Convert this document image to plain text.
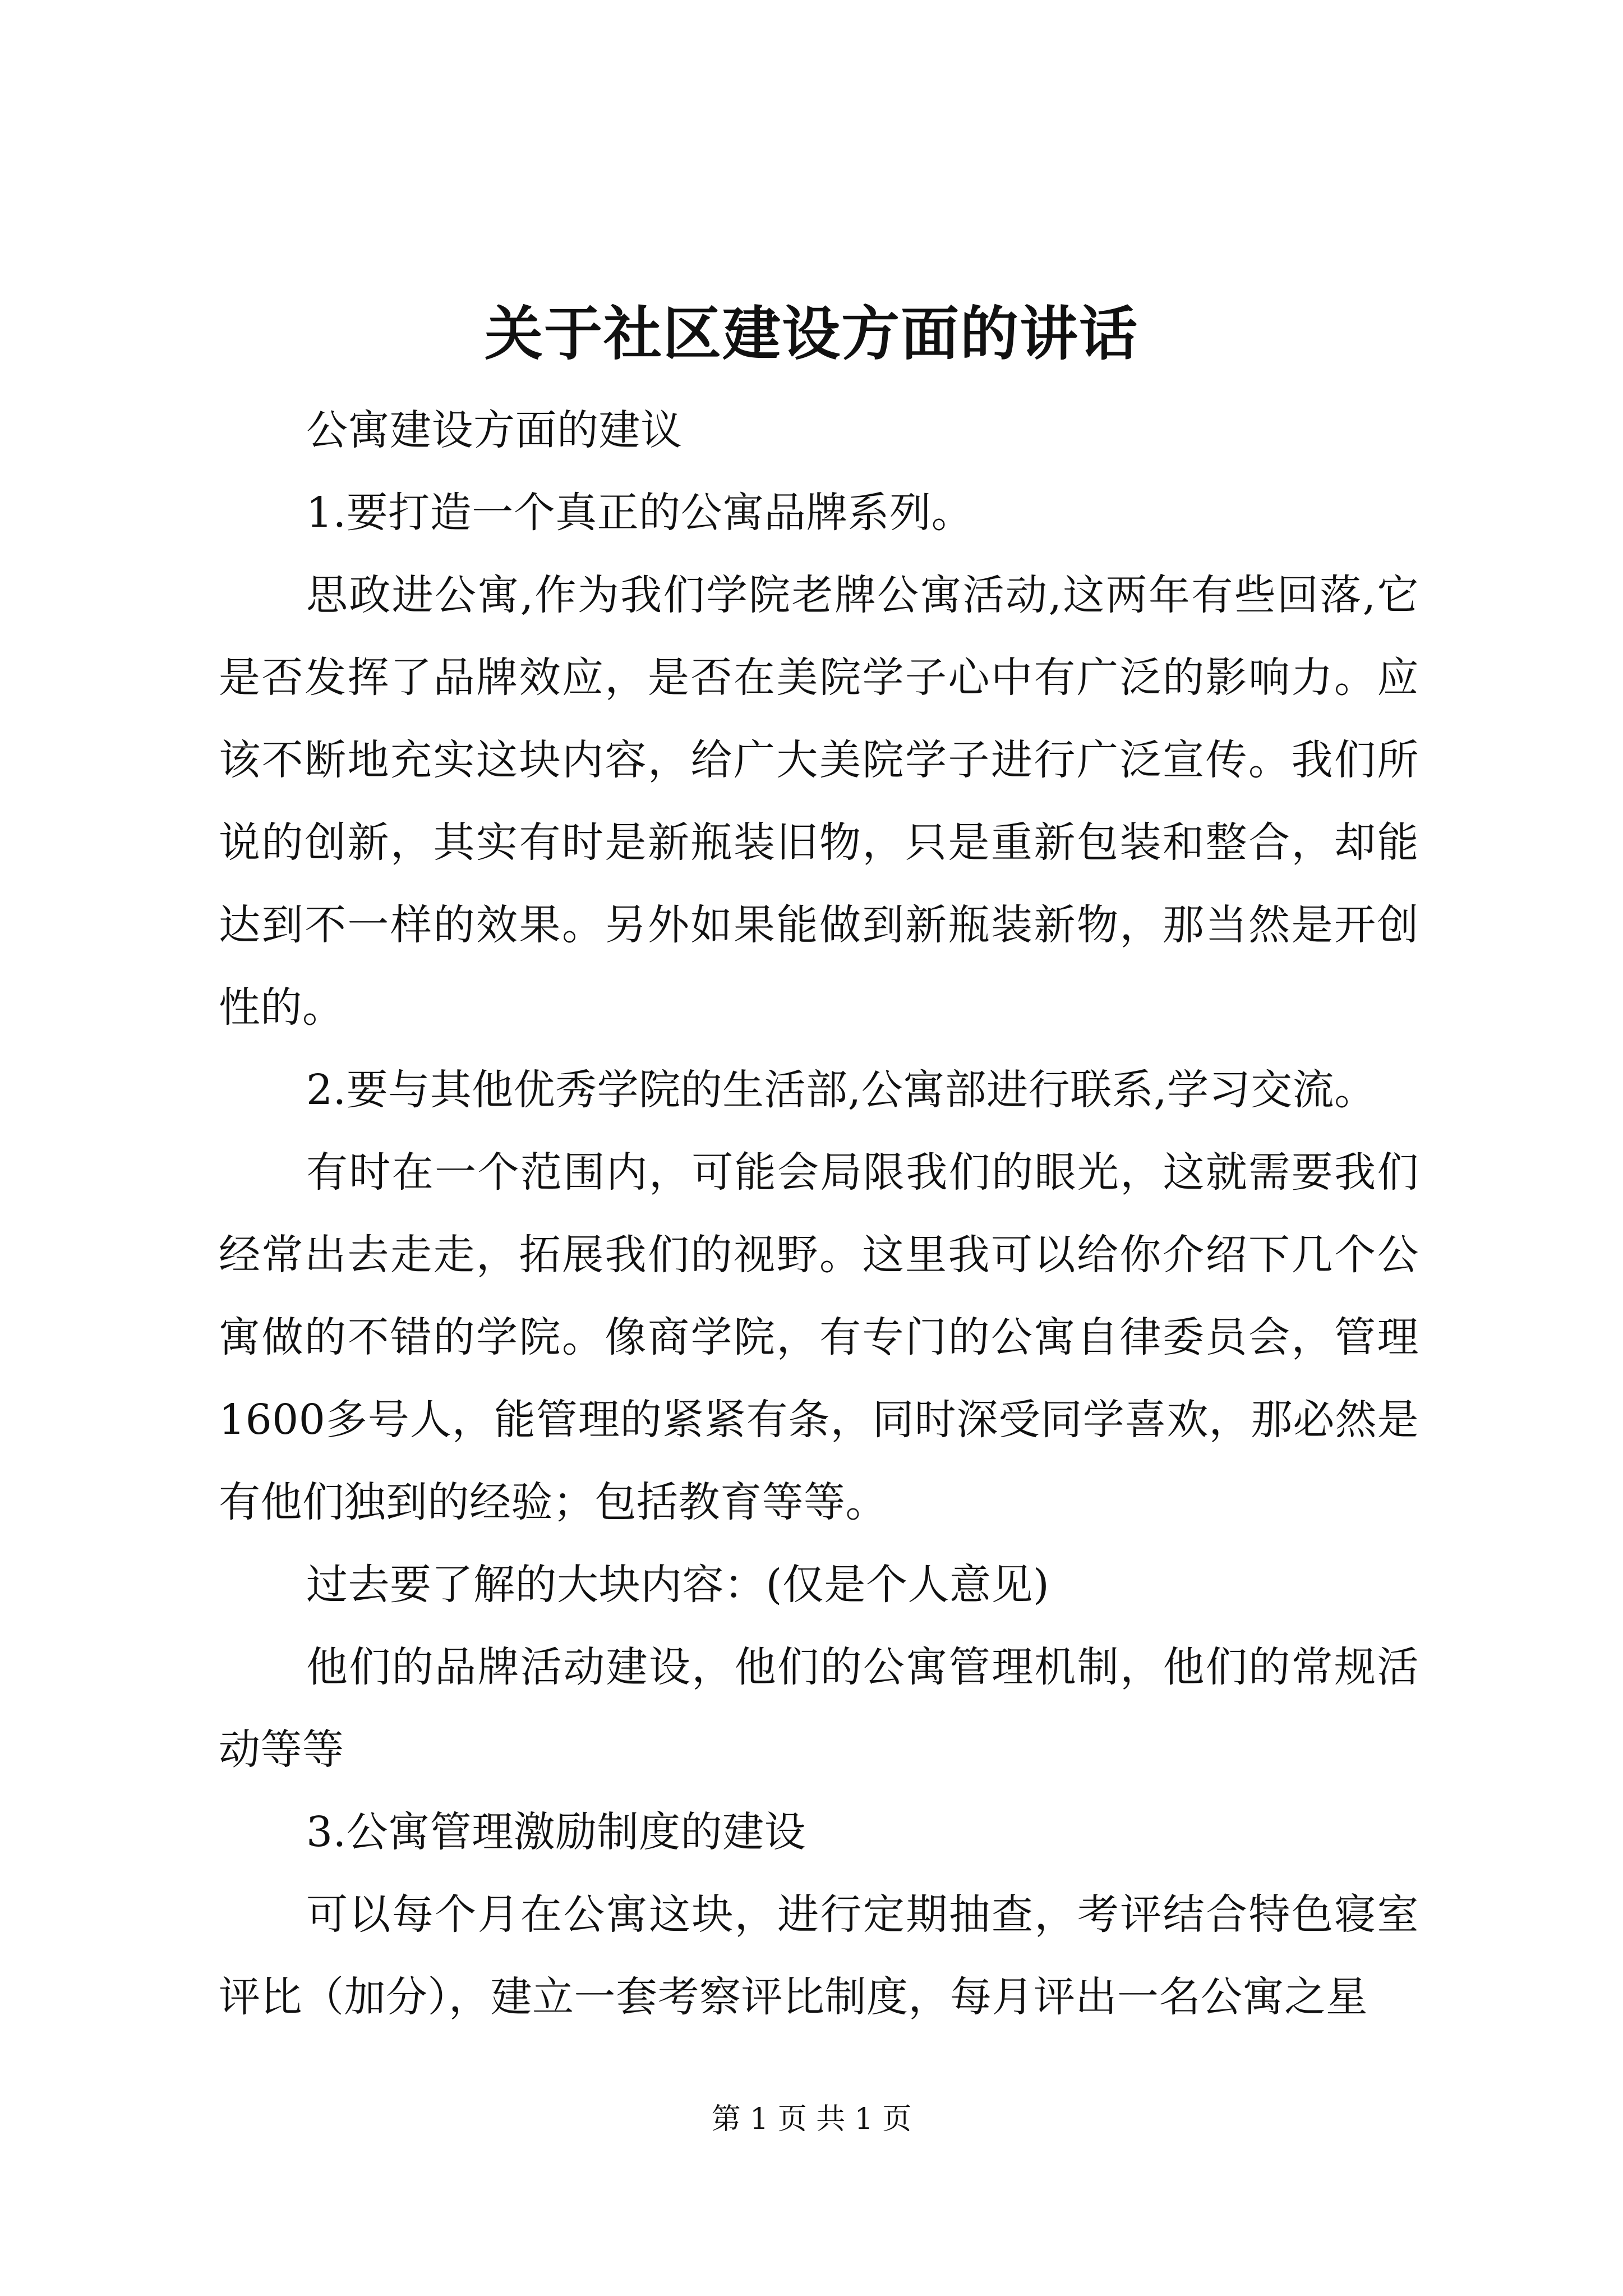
关于社区建设方面的讲话

公寓建设方面的建议

1.要打造一个真正的公寓品牌系列。

思政进公寓,作为我们学院老牌公寓活动,这两年有些回落,它是否发挥了品牌效应，是否在美院学子心中有广泛的影响力。应该不断地充实这块内容，给广大美院学子进行广泛宣传。我们所说的创新，其实有时是新瓶装旧物，只是重新包装和整合，却能达到不一样的效果。另外如果能做到新瓶装新物，那当然是开创性的。

2.要与其他优秀学院的生活部,公寓部进行联系,学习交流。

有时在一个范围内，可能会局限我们的眼光，这就需要我们经常出去走走，拓展我们的视野。这里我可以给你介绍下几个公寓做的不错的学院。像商学院，有专门的公寓自律委员会，管理1600多号人，能管理的紧紧有条，同时深受同学喜欢，那必然是有他们独到的经验；包括教育等等。

过去要了解的大块内容：(仅是个人意见)

他们的品牌活动建设，他们的公寓管理机制，他们的常规活动等等

3.公寓管理激励制度的建设

可以每个月在公寓这块，进行定期抽查，考评结合特色寝室评比（加分），建立一套考察评比制度，每月评出一名公寓之星

第 1 页 共 1 页
